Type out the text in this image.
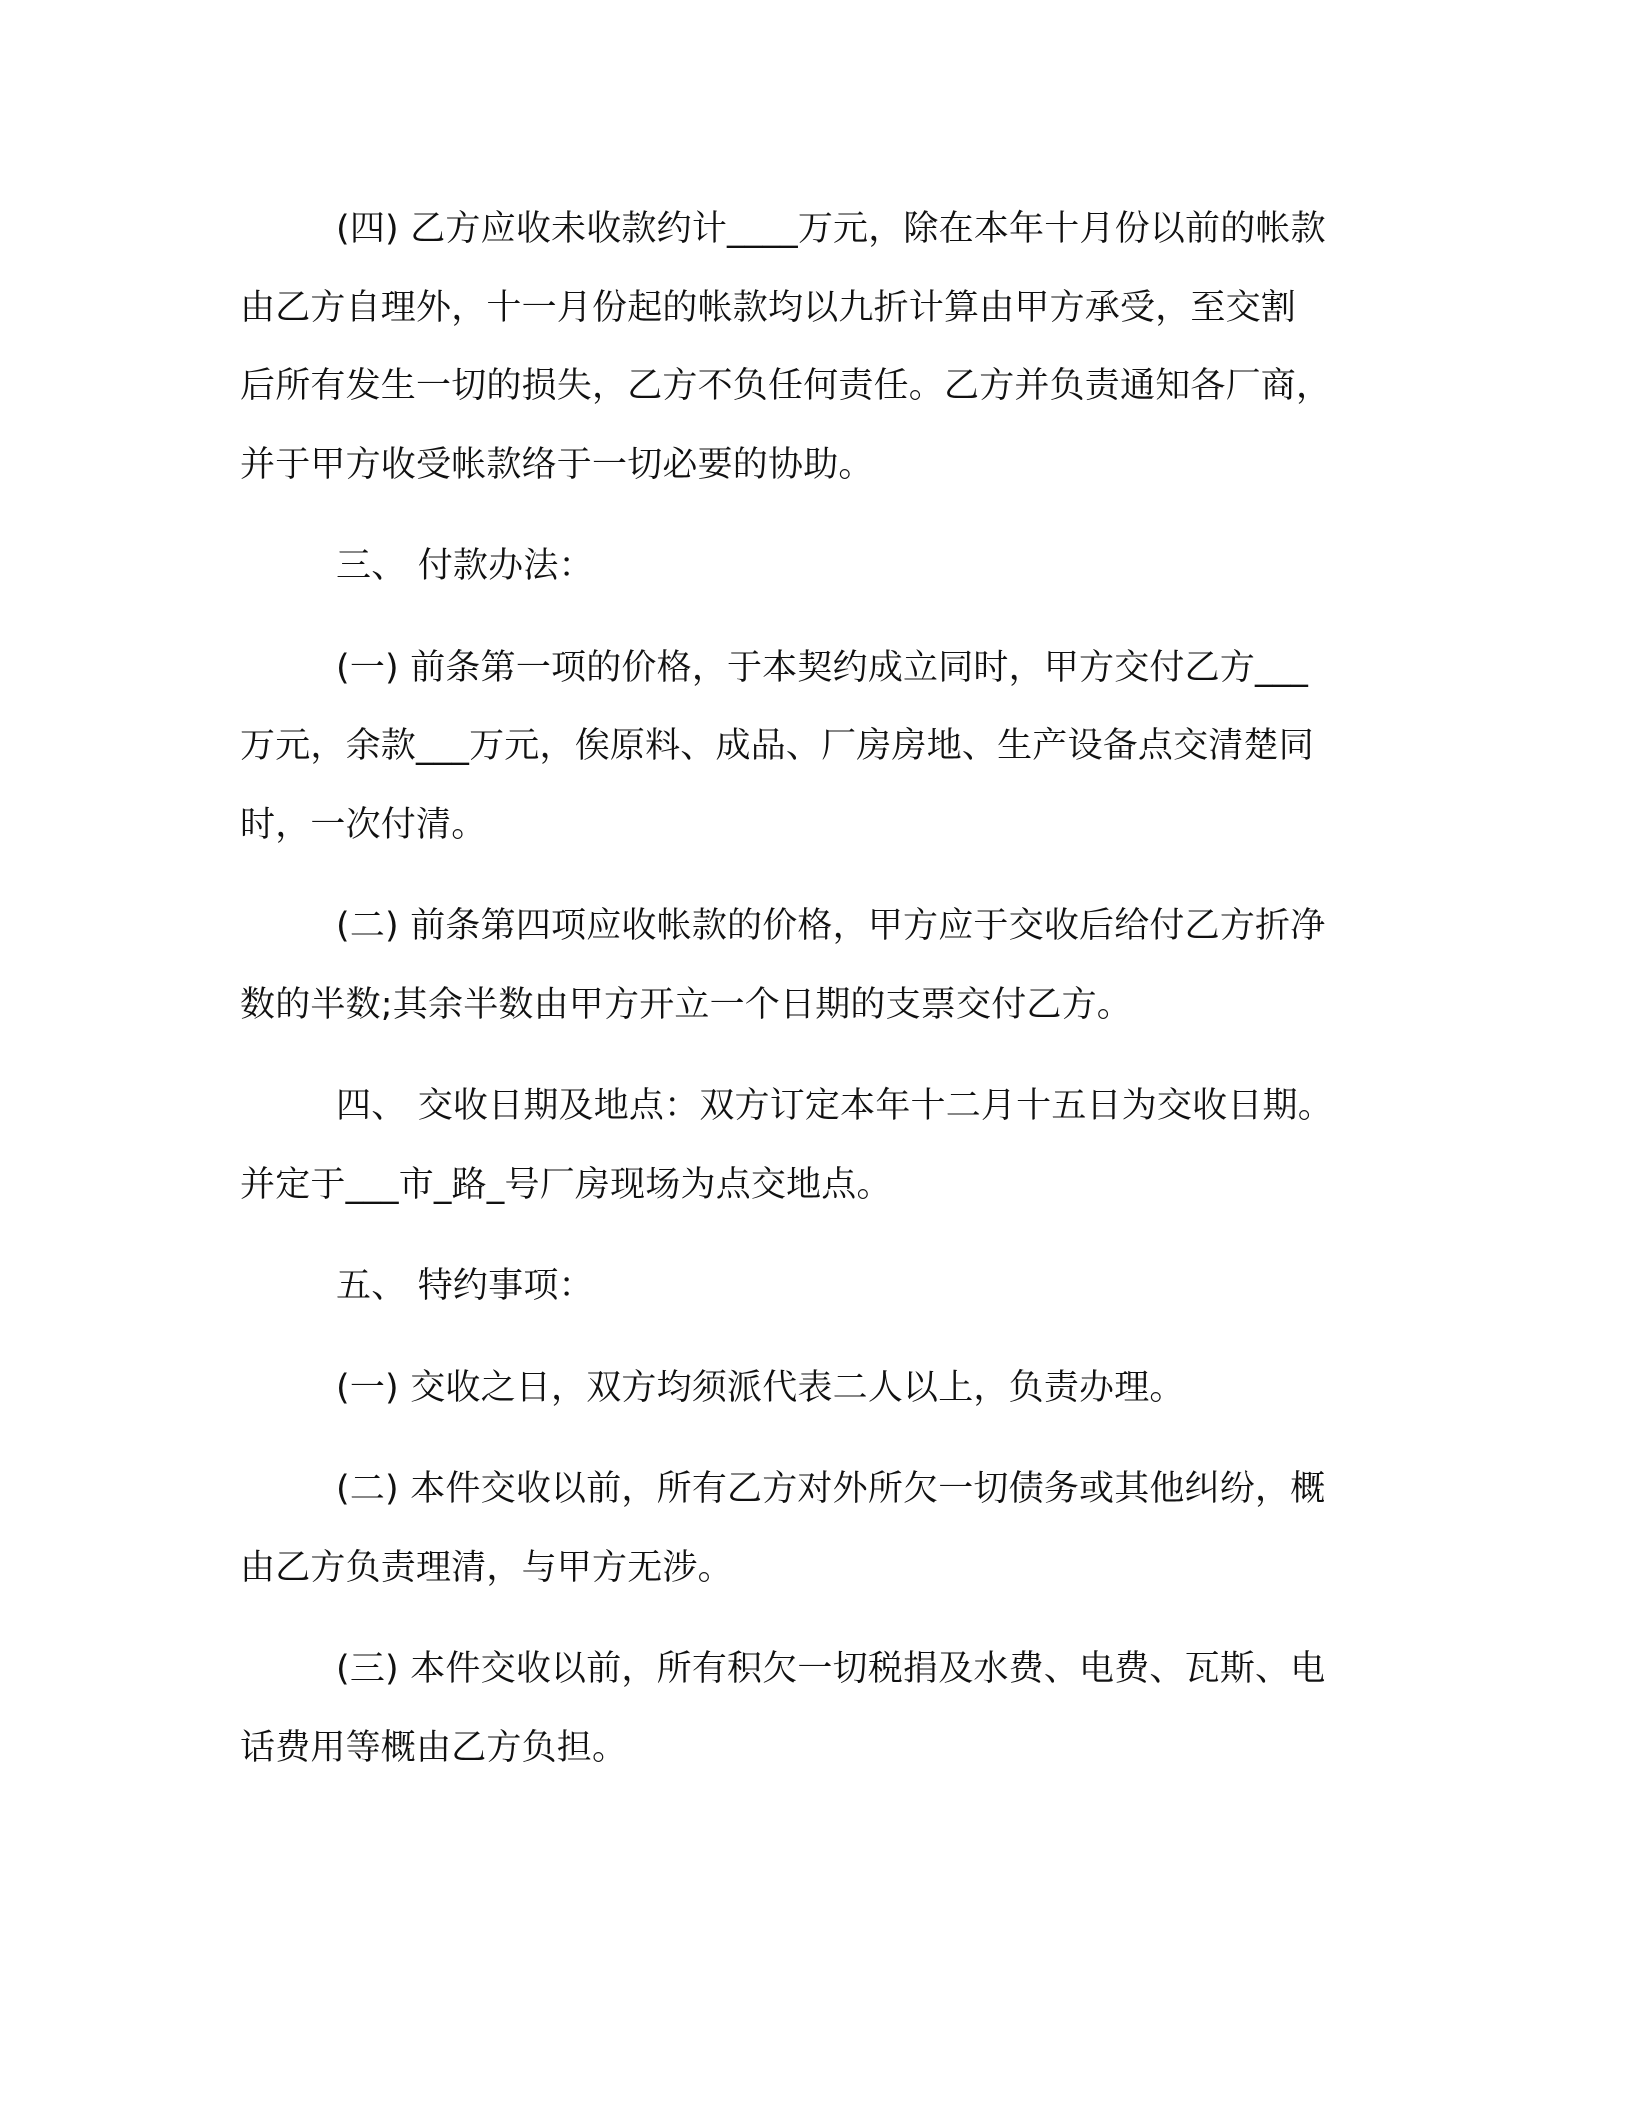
(四) 乙方应收未收款约计____万元，除在本年十月份以前的帐款
由乙方自理外，十一月份起的帐款均以九折计算由甲方承受，至交割
后所有发生一切的损失，乙方不负任何责任。乙方并负责通知各厂商，
并于甲方收受帐款络于一切必要的协助。

三、 付款办法：

(一) 前条第一项的价格，于本契约成立同时，甲方交付乙方___
万元，余款___万元，俟原料、成品、厂房房地、生产设备点交清楚同
时，一次付清。

(二) 前条第四项应收帐款的价格，甲方应于交收后给付乙方折净
数的半数;其余半数由甲方开立一个日期的支票交付乙方。

四、 交收日期及地点：双方订定本年十二月十五日为交收日期。
并定于___市_路_号厂房现场为点交地点。

五、 特约事项：

(一) 交收之日，双方均须派代表二人以上，负责办理。

(二) 本件交收以前，所有乙方对外所欠一切债务或其他纠纷，概
由乙方负责理清，与甲方无涉。

(三) 本件交收以前，所有积欠一切税捐及水费、电费、瓦斯、电
话费用等概由乙方负担。
